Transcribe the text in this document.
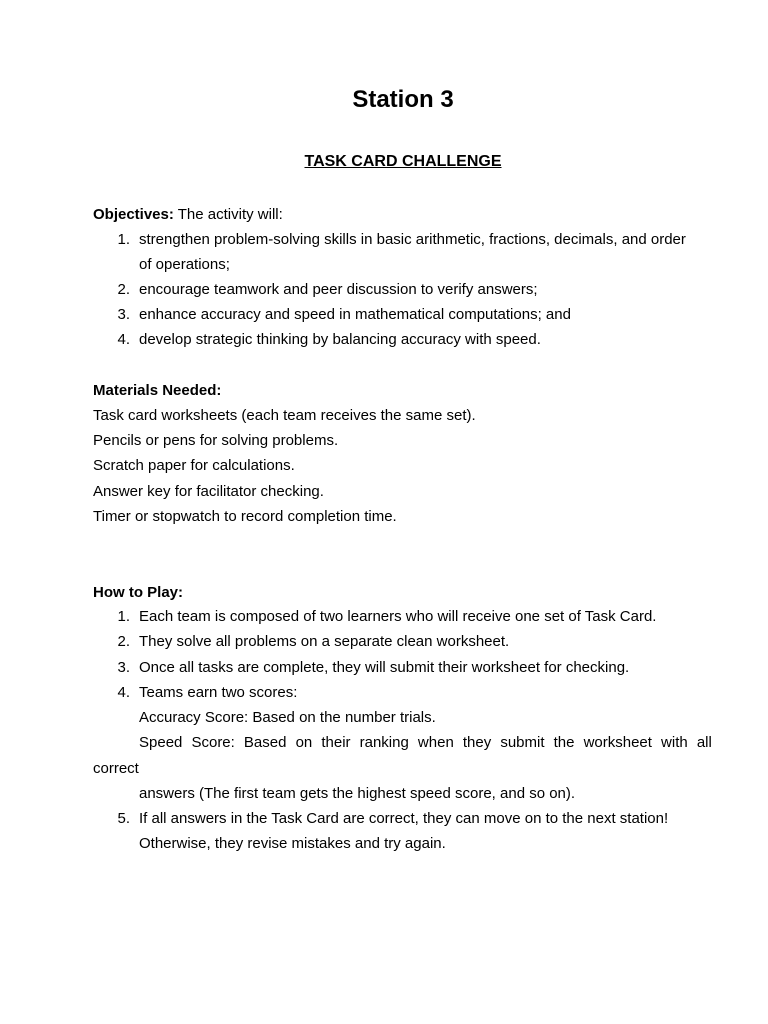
Station 3
TASK CARD CHALLENGE
Objectives: The activity will:
1. strengthen problem-solving skills in basic arithmetic, fractions, decimals, and order
of operations;
2. encourage teamwork and peer discussion to verify answers;
3. enhance accuracy and speed in mathematical computations; and
4. develop strategic thinking by balancing accuracy with speed.
Materials Needed:
Task card worksheets (each team receives the same set).
Pencils or pens for solving problems.
Scratch paper for calculations.
Answer key for facilitator checking.
Timer or stopwatch to record completion time.
How to Play:
1. Each team is composed of two learners who will receive one set of Task Card.
2. They solve all problems on a separate clean worksheet.
3. Once all tasks are complete, they will submit their worksheet for checking.
4. Teams earn two scores:
Accuracy Score: Based on the number trials.
Speed Score: Based on their ranking when they submit the worksheet with all
correct
answers (The first team gets the highest speed score, and so on).
5. If all answers in the Task Card are correct, they can move on to the next station!
Otherwise, they revise mistakes and try again.
